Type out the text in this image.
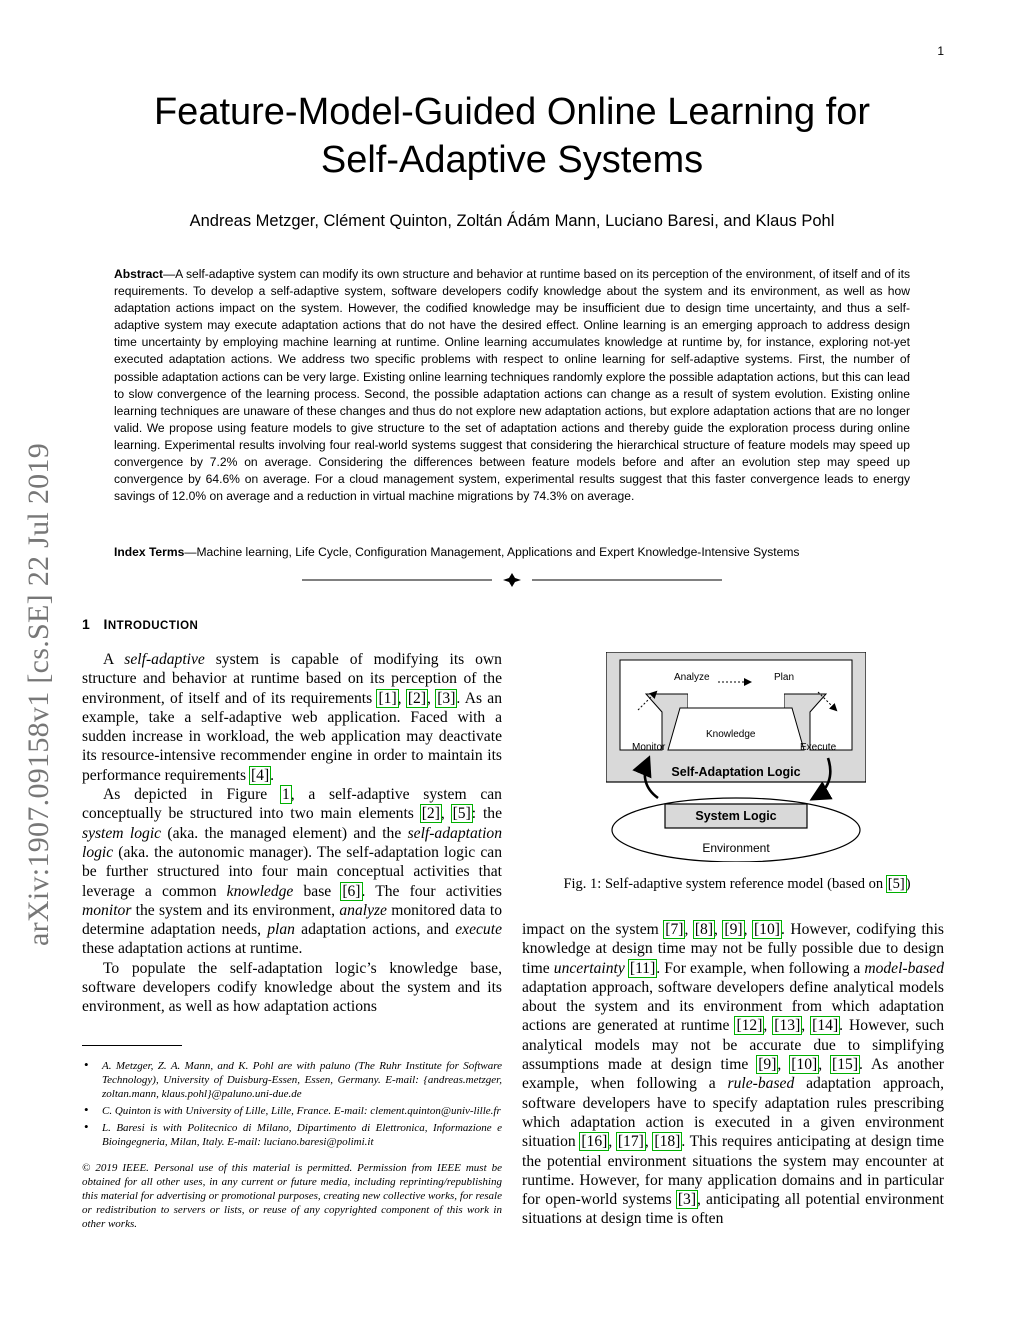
1
Feature-Model-Guided Online Learning for
Self-Adaptive Systems
Andreas Metzger, Clément Quinton, Zoltán Ádám Mann, Luciano Baresi, and Klaus Pohl
Abstract—A self-adaptive system can modify its own structure and behavior at runtime based on its perception of the environment, of itself and of its requirements. To develop a self-adaptive system, software developers codify knowledge about the system and its environment, as well as how adaptation actions impact on the system. However, the codified knowledge may be insufficient due to design time uncertainty, and thus a self-adaptive system may execute adaptation actions that do not have the desired effect. Online learning is an emerging approach to address design time uncertainty by employing machine learning at runtime. Online learning accumulates knowledge at runtime by, for instance, exploring not-yet executed adaptation actions. We address two specific problems with respect to online learning for self-adaptive systems. First, the number of possible adaptation actions can be very large. Existing online learning techniques randomly explore the possible adaptation actions, but this can lead to slow convergence of the learning process. Second, the possible adaptation actions can change as a result of system evolution. Existing online learning techniques are unaware of these changes and thus do not explore new adaptation actions, but explore adaptation actions that are no longer valid. We propose using feature models to give structure to the set of adaptation actions and thereby guide the exploration process during online learning. Experimental results involving four real-world systems suggest that considering the hierarchical structure of feature models may speed up convergence by 7.2% on average. Considering the differences between feature models before and after an evolution step may speed up convergence by 64.6% on average. For a cloud management system, experimental results suggest that this faster convergence leads to energy savings of 12.0% on average and a reduction in virtual machine migrations by 74.3% on average.
Index Terms—Machine learning, Life Cycle, Configuration Management, Applications and Expert Knowledge-Intensive Systems
arXiv:1907.09158v1 [cs.SE] 22 Jul 2019 1 INTRODUCTION

A self-adaptive system is capable of modifying its own structure and behavior at runtime based on its perception of the environment, of itself and of its requirements [1], [2], [3]. As an example, take a self-adaptive web application. Faced with a sudden increase in workload, the web application may deactivate its resource-intensive recommender engine in order to maintain its performance requirements [4].

As depicted in Figure 1, a self-adaptive system can conceptually be structured into two main elements [2], [5]: the system logic (aka. the managed element) and the self-adaptation logic (aka. the autonomic manager). The self-adaptation logic can be further structured into four main conceptual activities that leverage a common knowledge base [6]. The four activities monitor the system and its environment, analyze monitored data to determine adaptation needs, plan adaptation actions, and execute these adaptation actions at runtime.

To populate the self-adaptation logic’s knowledge base, software developers codify knowledge about the system and its environment, as well as how adaptation actions

• A. Metzger, Z. A. Mann, and K. Pohl are with paluno (The Ruhr Institute for Software Technology), University of Duisburg-Essen, Essen, Germany. E-mail: {andreas.metzger, zoltan.mann, klaus.pohl}@paluno.uni-due.de
• C. Quinton is with University of Lille, Lille, France. E-mail: clement.quinton@univ-lille.fr
• L. Baresi is with Politecnico di Milano, Dipartimento di Elettronica, Informazione e Bioingegneria, Milan, Italy. E-mail: luciano.baresi@polimi.it
© 2019 IEEE. Personal use of this material is permitted. Permission from IEEE must be obtained for all other uses, in any current or future media, including reprinting/republishing this material for advertising or promotional purposes, creating new collective works, for resale or redistribution to servers or lists, or reuse of any copyrighted component of this work in other works.
Analyze	Plan
Knowledge
Monitor	Execute
Self-Adaptation Logic
System Logic
Environment
Fig. 1: Self-adaptive system reference model (based on [5])

impact on the system [7], [8], [9], [10]. However, codifying this knowledge at design time may not be fully possible due to design time uncertainty [11]. For example, when following a model-based adaptation approach, software developers define analytical models about the system and its environment from which adaptation actions are generated at runtime [12], [13], [14]. However, such analytical models may not be accurate due to simplifying assumptions made at design time [9], [10], [15]. As another example, when following a rule-based adaptation approach, software developers have to specify adaptation rules prescribing which adaptation action is executed in a given environment situation [16], [17], [18]. This requires anticipating at design time the potential environment situations the system may encounter at runtime. However, for many application domains and in particular for open-world systems [3], anticipating all potential environment situations at design time is often
